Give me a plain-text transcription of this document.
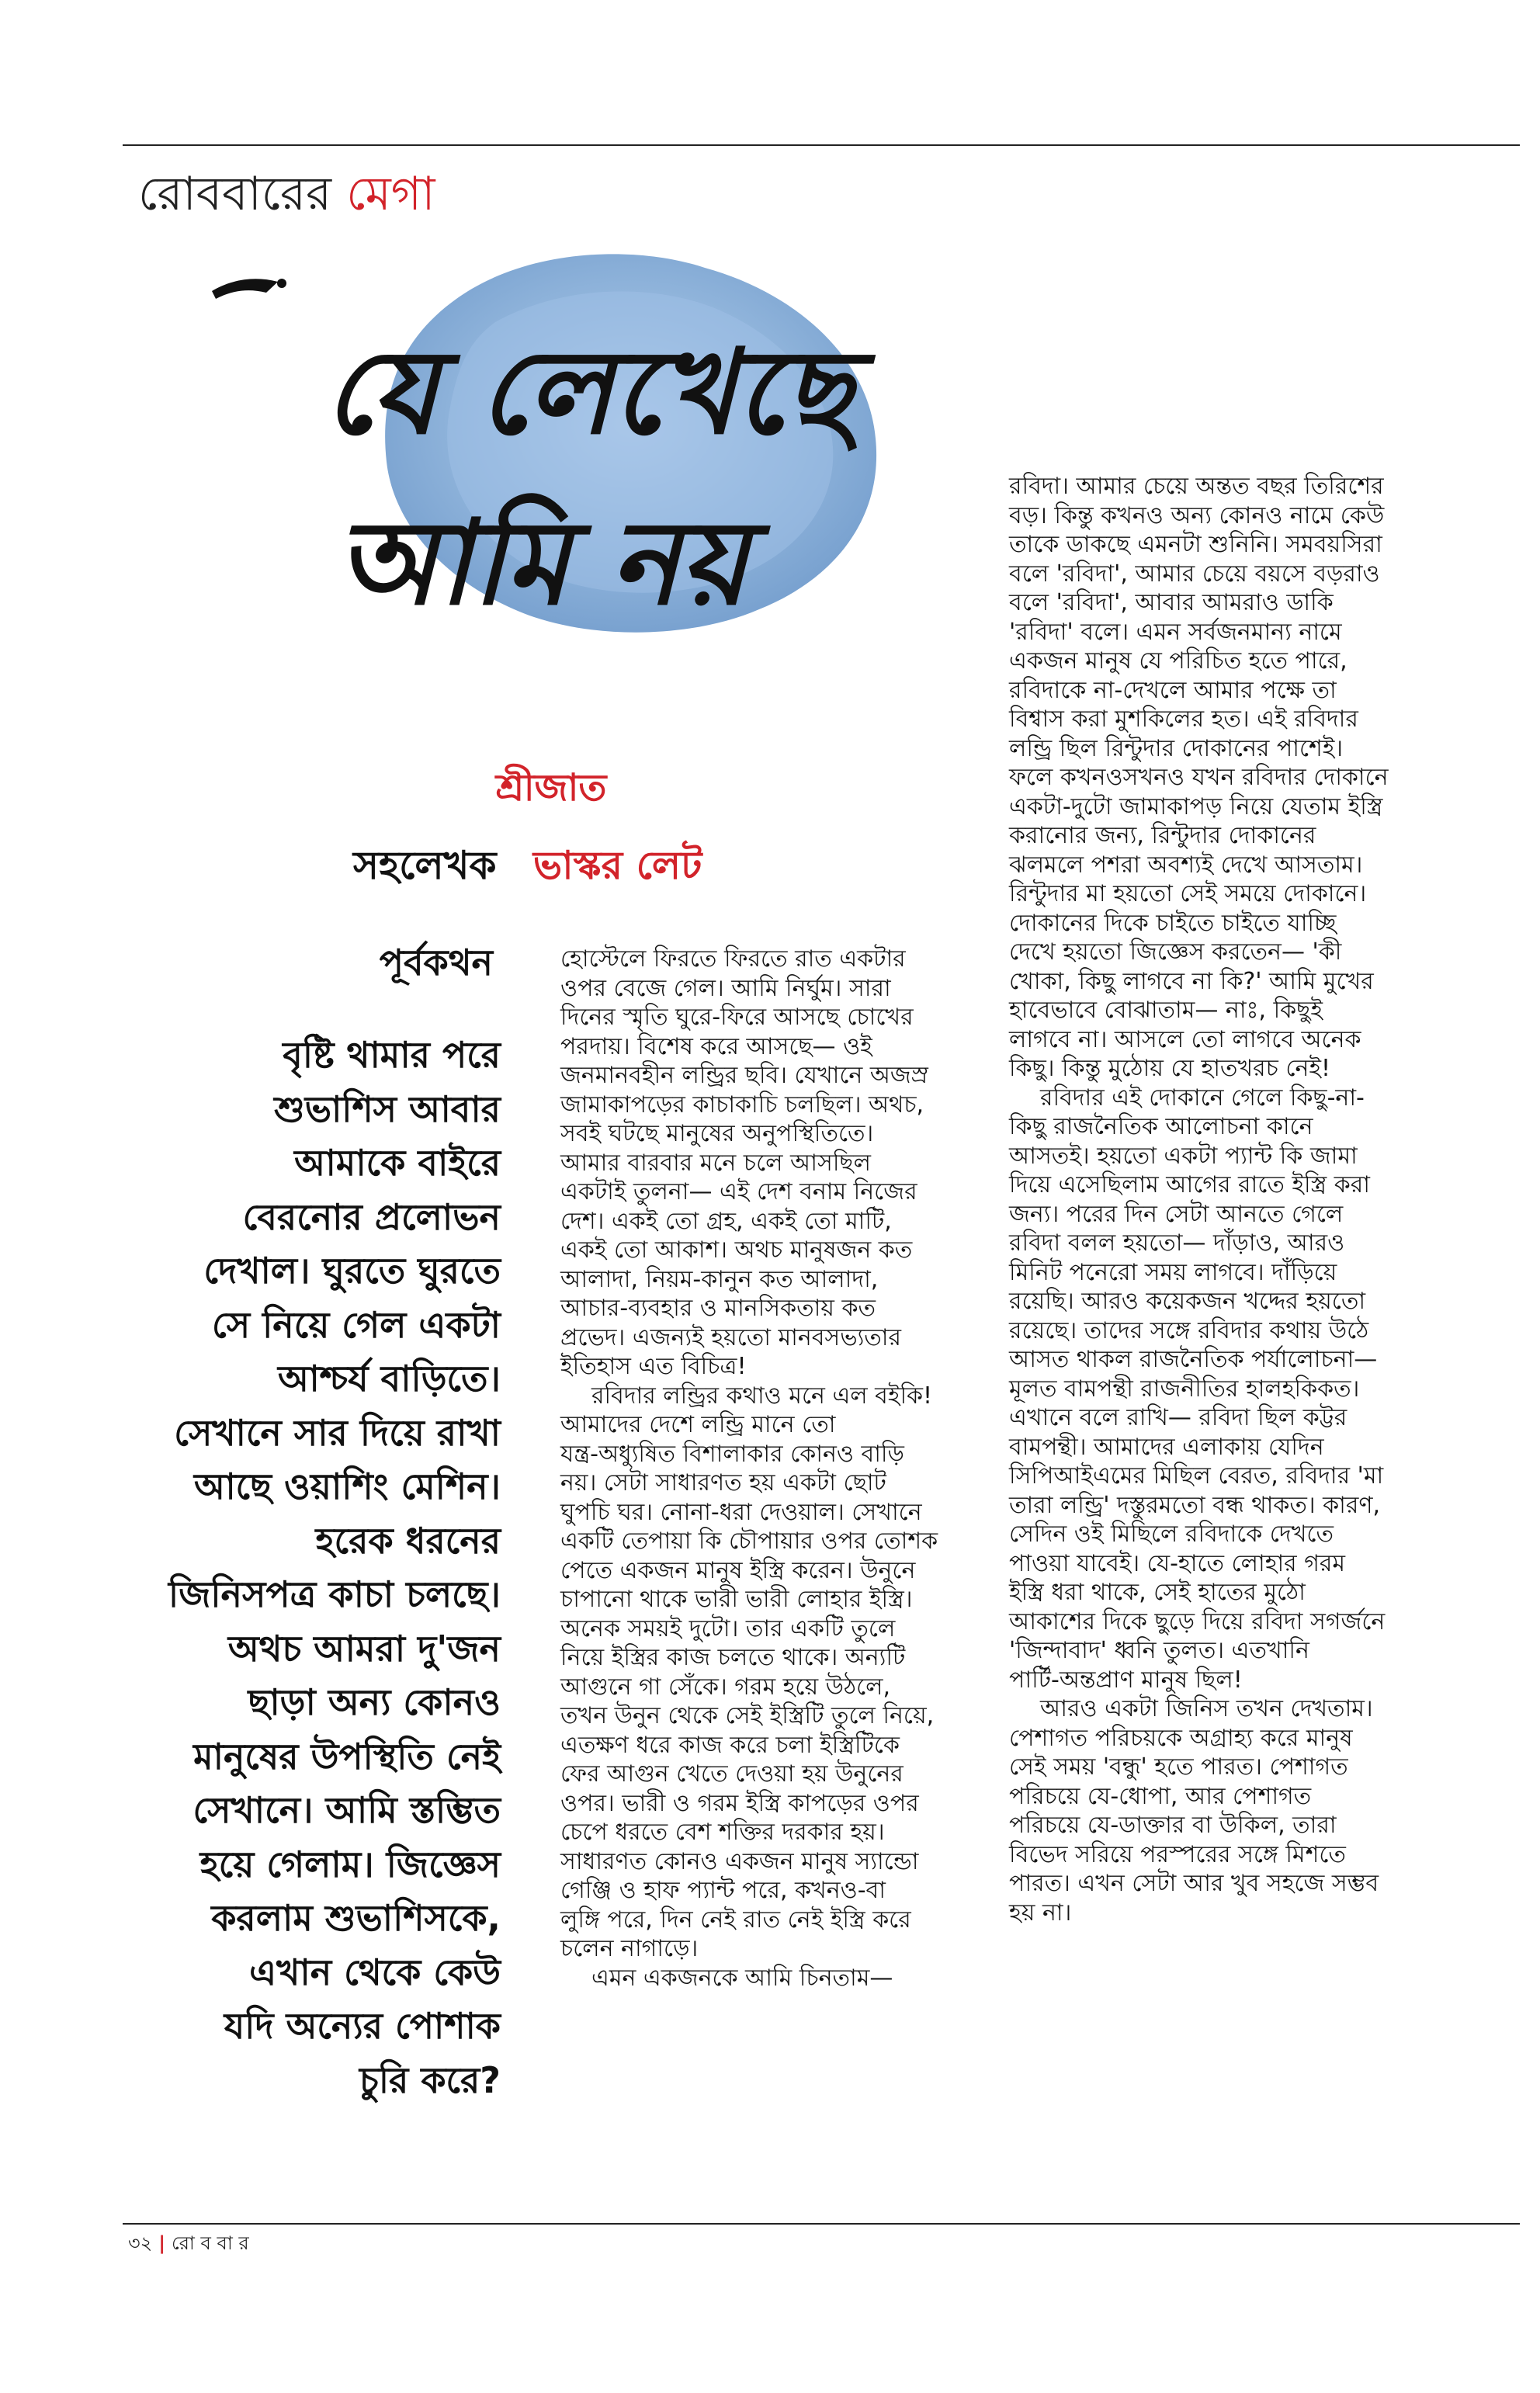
রোববারের মেগা
যে লেখেছে
আমি নয়
শ্রীজাত
সহলেখক ভাস্কর লেট
পূর্বকথন
বৃষ্টি থামার পরে
শুভাশিস আবার
আমাকে বাইরে
বেরনোর প্রলোভন
দেখাল। ঘুরতে ঘুরতে
সে নিয়ে গেল একটা
আশ্চর্য বাড়িতে।
সেখানে সার দিয়ে রাখা
আছে ওয়াশিং মেশিন।
হরেক ধরনের
জিনিসপত্র কাচা চলছে।
অথচ আমরা দু'জন
ছাড়া অন্য কোনও
মানুষের উপস্থিতি নেই
সেখানে। আমি স্তম্ভিত
হয়ে গেলাম। জিজ্ঞেস
করলাম শুভাশিসকে,
এখান থেকে কেউ
যদি অন্যের পোশাক
চুরি করে?
হোস্টেলে ফিরতে ফিরতে রাত একটার
ওপর বেজে গেল। আমি নির্ঘুম। সারা
দিনের স্মৃতি ঘুরে-ফিরে আসছে চোখের
পরদায়। বিশেষ করে আসছে— ওই
জনমানবহীন লন্ড্রির ছবি। যেখানে অজস্র
জামাকাপড়ের কাচাকাচি চলছিল। অথচ,
সবই ঘটছে মানুষের অনুপস্থিতিতে।
আমার বারবার মনে চলে আসছিল
একটাই তুলনা— এই দেশ বনাম নিজের
দেশ। একই তো গ্রহ, একই তো মাটি,
একই তো আকাশ। অথচ মানুষজন কত
আলাদা, নিয়ম-কানুন কত আলাদা,
আচার-ব্যবহার ও মানসিকতায় কত
প্রভেদ। এজন্যই হয়তো মানবসভ্যতার
ইতিহাস এত বিচিত্র!
রবিদার লন্ড্রির কথাও মনে এল বইকি!
আমাদের দেশে লন্ড্রি মানে তো
যন্ত্র-অধ্যুষিত বিশালাকার কোনও বাড়ি
নয়। সেটা সাধারণত হয় একটা ছোট
ঘুপচি ঘর। নোনা-ধরা দেওয়াল। সেখানে
একটি তেপায়া কি চৌপায়ার ওপর তোশক
পেতে একজন মানুষ ইস্ত্রি করেন। উনুনে
চাপানো থাকে ভারী ভারী লোহার ইস্ত্রি।
অনেক সময়ই দুটো। তার একটি তুলে
নিয়ে ইস্ত্রির কাজ চলতে থাকে। অন্যটি
আগুনে গা সেঁকে। গরম হয়ে উঠলে,
তখন উনুন থেকে সেই ইস্ত্রিটি তুলে নিয়ে,
এতক্ষণ ধরে কাজ করে চলা ইস্ত্রিটিকে
ফের আগুন খেতে দেওয়া হয় উনুনের
ওপর। ভারী ও গরম ইস্ত্রি কাপড়ের ওপর
চেপে ধরতে বেশ শক্তির দরকার হয়।
সাধারণত কোনও একজন মানুষ স্যান্ডো
গেঞ্জি ও হাফ প্যান্ট পরে, কখনও-বা
লুঙ্গি পরে, দিন নেই রাত নেই ইস্ত্রি করে
চলেন নাগাড়ে।
এমন একজনকে আমি চিনতাম—
রবিদা। আমার চেয়ে অন্তত বছর তিরিশের
বড়। কিন্তু কখনও অন্য কোনও নামে কেউ
তাকে ডাকছে এমনটা শুনিনি। সমবয়সিরা
বলে 'রবিদা', আমার চেয়ে বয়সে বড়রাও
বলে 'রবিদা', আবার আমরাও ডাকি
'রবিদা' বলে। এমন সর্বজনমান্য নামে
একজন মানুষ যে পরিচিত হতে পারে,
রবিদাকে না-দেখলে আমার পক্ষে তা
বিশ্বাস করা মুশকিলের হত। এই রবিদার
লন্ড্রি ছিল রিন্টুদার দোকানের পাশেই।
ফলে কখনওসখনও যখন রবিদার দোকানে
একটা-দুটো জামাকাপড় নিয়ে যেতাম ইস্ত্রি
করানোর জন্য, রিন্টুদার দোকানের
ঝলমলে পশরা অবশ্যই দেখে আসতাম।
রিন্টুদার মা হয়তো সেই সময়ে দোকানে।
দোকানের দিকে চাইতে চাইতে যাচ্ছি
দেখে হয়তো জিজ্ঞেস করতেন— 'কী
খোকা, কিছু লাগবে না কি?' আমি মুখের
হাবেভাবে বোঝাতাম— নাঃ, কিছুই
লাগবে না। আসলে তো লাগবে অনেক
কিছু। কিন্তু মুঠোয় যে হাতখরচ নেই!
রবিদার এই দোকানে গেলে কিছু-না-
কিছু রাজনৈতিক আলোচনা কানে
আসতই। হয়তো একটা প্যান্ট কি জামা
দিয়ে এসেছিলাম আগের রাতে ইস্ত্রি করা
জন্য। পরের দিন সেটা আনতে গেলে
রবিদা বলল হয়তো— দাঁড়াও, আরও
মিনিট পনেরো সময় লাগবে। দাঁড়িয়ে
রয়েছি। আরও কয়েকজন খদ্দের হয়তো
রয়েছে। তাদের সঙ্গে রবিদার কথায় উঠে
আসত থাকল রাজনৈতিক পর্যালোচনা—
মূলত বামপন্থী রাজনীতির হালহকিকত।
এখানে বলে রাখি— রবিদা ছিল কট্টর
বামপন্থী। আমাদের এলাকায় যেদিন
সিপিআইএমের মিছিল বেরত, রবিদার 'মা
তারা লন্ড্রি' দস্তুরমতো বন্ধ থাকত। কারণ,
সেদিন ওই মিছিলে রবিদাকে দেখতে
পাওয়া যাবেই। যে-হাতে লোহার গরম
ইস্ত্রি ধরা থাকে, সেই হাতের মুঠো
আকাশের দিকে ছুড়ে দিয়ে রবিদা সগর্জনে
'জিন্দাবাদ' ধ্বনি তুলত। এতখানি
পার্টি-অন্তপ্রাণ মানুষ ছিল!
আরও একটা জিনিস তখন দেখতাম।
পেশাগত পরিচয়কে অগ্রাহ্য করে মানুষ
সেই সময় 'বন্ধু' হতে পারত। পেশাগত
পরিচয়ে যে-ধোপা, আর পেশাগত
পরিচয়ে যে-ডাক্তার বা উকিল, তারা
বিভেদ সরিয়ে পরস্পরের সঙ্গে মিশতে
পারত। এখন সেটা আর খুব সহজে সম্ভব
হয় না।
৩২ | রো ব বা র
